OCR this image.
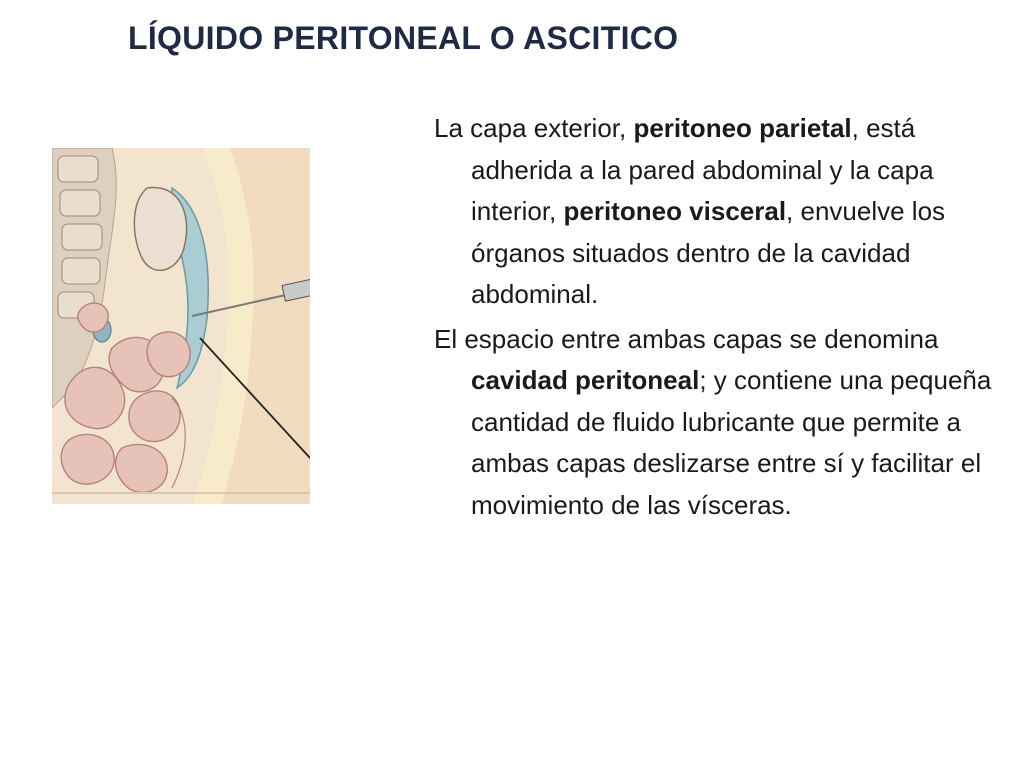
LÍQUIDO PERITONEAL O ASCITICO

La capa exterior, peritoneo parietal, está adherida a la pared abdominal y la capa interior, peritoneo visceral, envuelve los órganos situados dentro de la cavidad abdominal.

El espacio entre ambas capas se denomina cavidad peritoneal; y contiene una pequeña cantidad de fluido lubricante que permite a ambas capas deslizarse entre sí y facilitar el movimiento de las vísceras.
